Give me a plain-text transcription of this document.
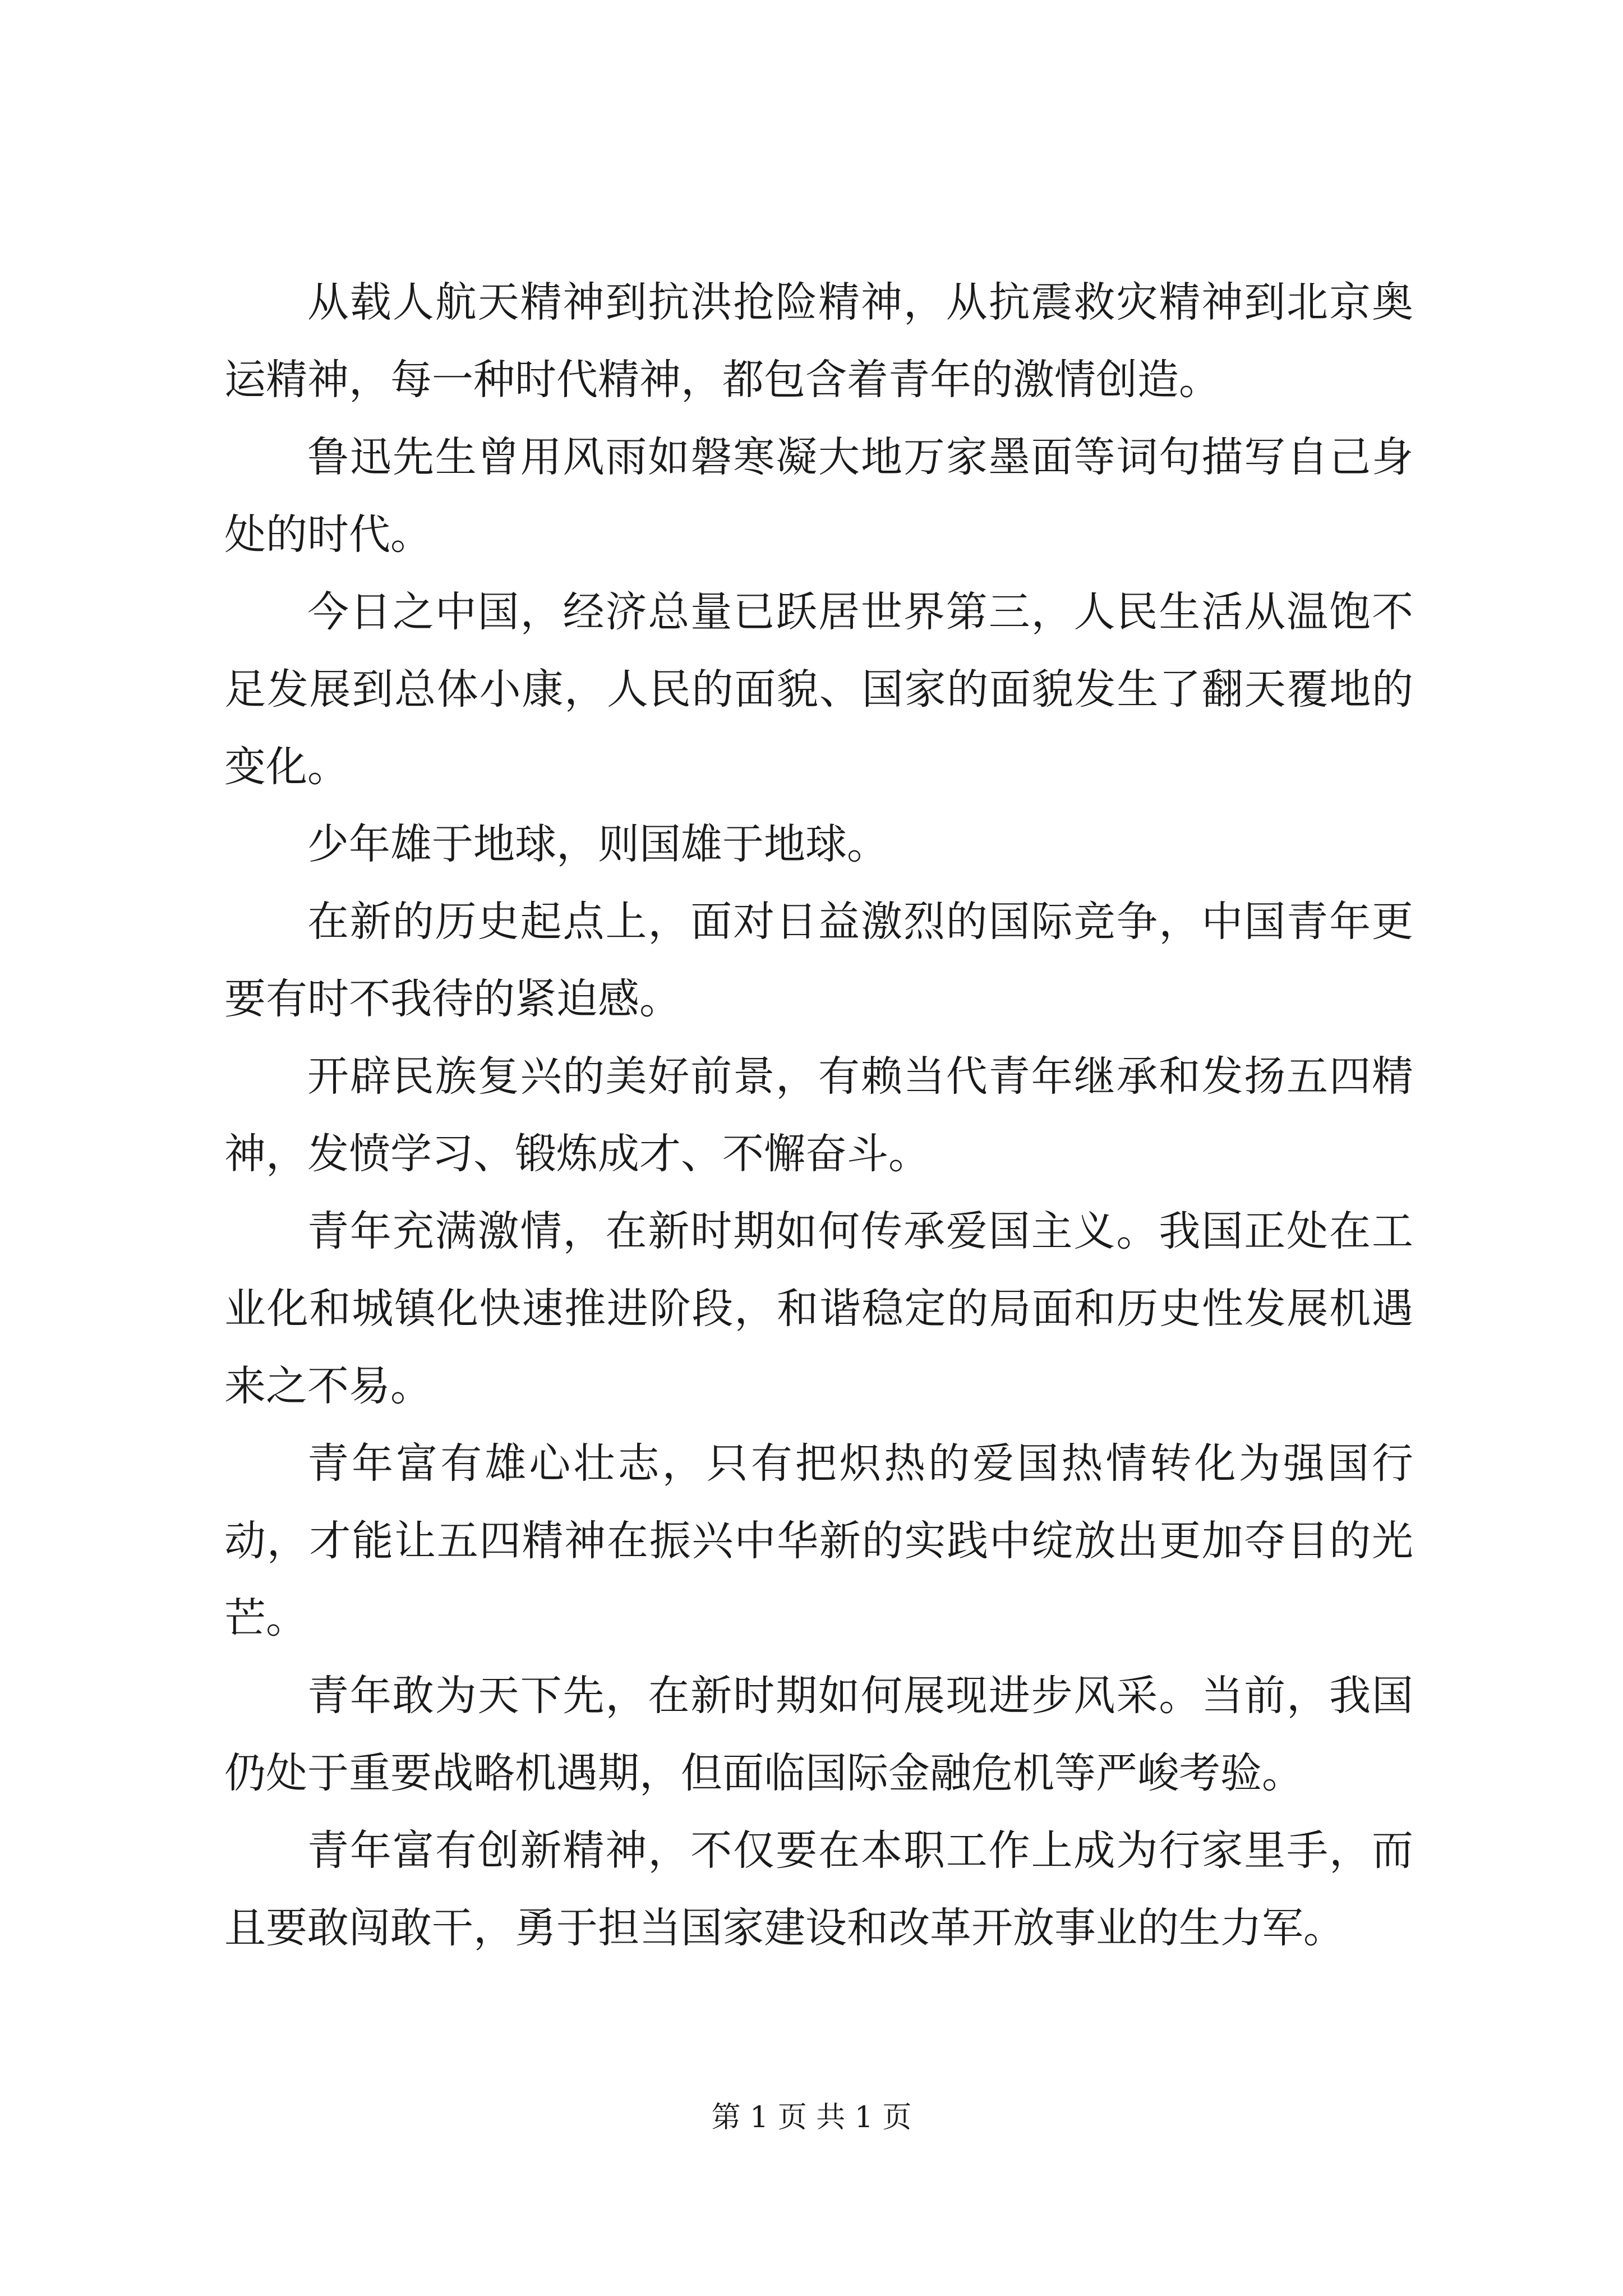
从载人航天精神到抗洪抢险精神，从抗震救灾精神到北京奥运精神，每一种时代精神，都包含着青年的激情创造。

鲁迅先生曾用风雨如磐寒凝大地万家墨面等词句描写自己身处的时代。

今日之中国，经济总量已跃居世界第三，人民生活从温饱不足发展到总体小康，人民的面貌、国家的面貌发生了翻天覆地的变化。

少年雄于地球，则国雄于地球。

在新的历史起点上，面对日益激烈的国际竞争，中国青年更要有时不我待的紧迫感。

开辟民族复兴的美好前景，有赖当代青年继承和发扬五四精神，发愤学习、锻炼成才、不懈奋斗。

青年充满激情，在新时期如何传承爱国主义。我国正处在工业化和城镇化快速推进阶段，和谐稳定的局面和历史性发展机遇来之不易。

青年富有雄心壮志，只有把炽热的爱国热情转化为强国行动，才能让五四精神在振兴中华新的实践中绽放出更加夺目的光芒。

青年敢为天下先，在新时期如何展现进步风采。当前，我国仍处于重要战略机遇期，但面临国际金融危机等严峻考验。

青年富有创新精神，不仅要在本职工作上成为行家里手，而且要敢闯敢干，勇于担当国家建设和改革开放事业的生力军。

第 1 页 共 1 页
